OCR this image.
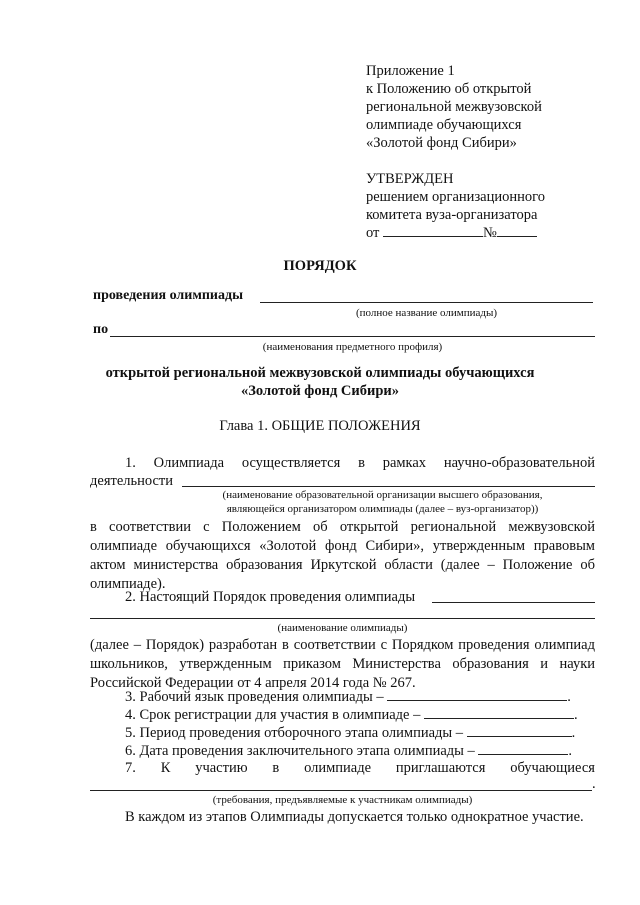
Приложение 1
к Положению об открытой
региональной межвузовской
олимпиаде обучающихся
«Золотой фонд Сибири»
УТВЕРЖДЕН
решением организационного
комитета вуза-организатора
от	№
ПОРЯДОК
проведения олимпиады
(полное название олимпиады)
по
(наименования предметного профиля)
открытой региональной межвузовской олимпиады обучающихся
«Золотой фонд Сибири»
Глава 1. ОБЩИЕ ПОЛОЖЕНИЯ
1. Олимпиада осуществляется в рамках научно-образовательной
деятельности
(наименование образовательной организации высшего образования,
являющейся организатором олимпиады (далее – вуз-организатор))
в соответствии с Положением об открытой региональной межвузовской олимпиаде обучающихся «Золотой фонд Сибири», утвержденным правовым актом министерства образования Иркутской области (далее – Положение об олимпиаде).
2. Настоящий Порядок проведения олимпиады
(наименование олимпиады)
(далее – Порядок) разработан в соответствии с Порядком проведения олимпиад школьников, утвержденным приказом Министерства образования и науки Российской Федерации от 4 апреля 2014 года № 267.
3. Рабочий язык проведения олимпиады –	.
4. Срок регистрации для участия в олимпиаде –	.
5. Период проведения отборочного этапа олимпиады –	.
6. Дата проведения заключительного этапа олимпиады –	.
7. К участию в олимпиаде приглашаются обучающиеся
.
(требования, предъявляемые к участникам олимпиады)
В каждом из этапов Олимпиады допускается только однократное участие.
